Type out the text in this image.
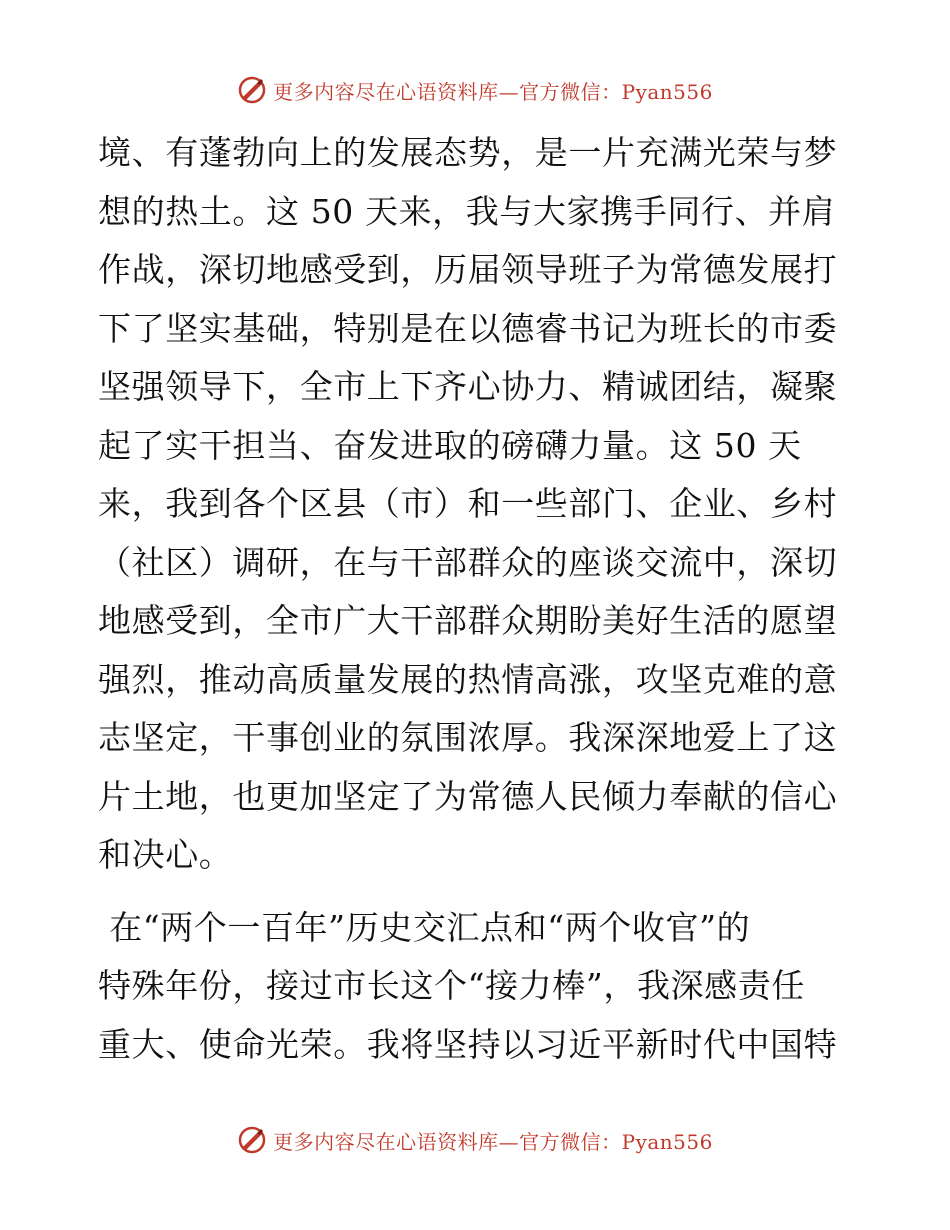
更多内容尽在心语资料库—官方微信：Pyan556
境、有蓬勃向上的发展态势，是一片充满光荣与梦
想的热土。这 50 天来，我与大家携手同行、并肩
作战，深切地感受到，历届领导班子为常德发展打
下了坚实基础，特别是在以德睿书记为班长的市委
坚强领导下，全市上下齐心协力、精诚团结，凝聚
起了实干担当、奋发进取的磅礴力量。这 50 天
来，我到各个区县（市）和一些部门、企业、乡村
（社区）调研，在与干部群众的座谈交流中，深切
地感受到，全市广大干部群众期盼美好生活的愿望
强烈，推动高质量发展的热情高涨，攻坚克难的意
志坚定，干事创业的氛围浓厚。我深深地爱上了这
片土地，也更加坚定了为常德人民倾力奉献的信心
和决心。
在“两个一百年”历史交汇点和“两个收官”的
特殊年份，接过市长这个“接力棒”，我深感责任
重大、使命光荣。我将坚持以习近平新时代中国特
更多内容尽在心语资料库—官方微信：Pyan556
